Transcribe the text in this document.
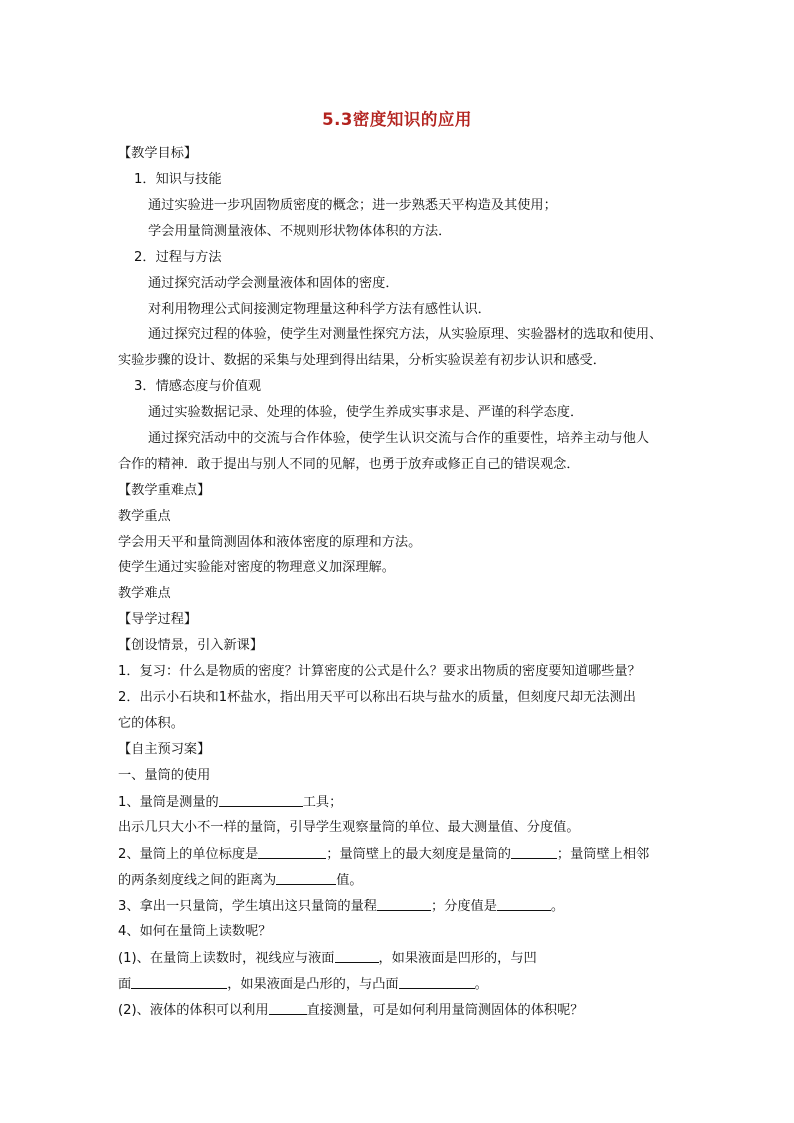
5.3密度知识的应用
【教学目标】
1．知识与技能
通过实验进一步巩固物质密度的概念；进一步熟悉天平构造及其使用；
学会用量筒测量液体、不规则形状物体体积的方法．
2．过程与方法
通过探究活动学会测量液体和固体的密度．
对利用物理公式间接测定物理量这种科学方法有感性认识．
通过探究过程的体验，使学生对测量性探究方法，从实验原理、实验器材的选取和使用、
实验步骤的设计、数据的采集与处理到得出结果，分析实验误差有初步认识和感受．
3．情感态度与价值观
通过实验数据记录、处理的体验，使学生养成实事求是、严谨的科学态度．
通过探究活动中的交流与合作体验，使学生认识交流与合作的重要性，培养主动与他人
合作的精神．敢于提出与别人不同的见解，也勇于放弃或修正自己的错误观念．
【教学重难点】
教学重点
学会用天平和量筒测固体和液体密度的原理和方法。
使学生通过实验能对密度的物理意义加深理解。
教学难点
【导学过程】
【创设情景，引入新课】
1．复习：什么是物质的密度？计算密度的公式是什么？要求出物质的密度要知道哪些量？
2．出示小石块和1杯盐水，指出用天平可以称出石块与盐水的质量，但刻度尺却无法测出
它的体积。
【自主预习案】
一、量筒的使用
1、量筒是测量的	工具；
出示几只大小不一样的量筒，引导学生观察量筒的单位、最大测量值、分度值。
2、量筒上的单位标度是	；量筒壁上的最大刻度是量筒的	；量筒壁上相邻
的两条刻度线之间的距离为	值。
3、拿出一只量筒，学生填出这只量筒的量程	；分度值是	。
4、如何在量筒上读数呢？
(1)、在量筒上读数时，视线应与液面	，如果液面是凹形的，与凹
面	，如果液面是凸形的，与凸面	。
(2)、液体的体积可以利用	直接测量，可是如何利用量筒测固体的体积呢？
